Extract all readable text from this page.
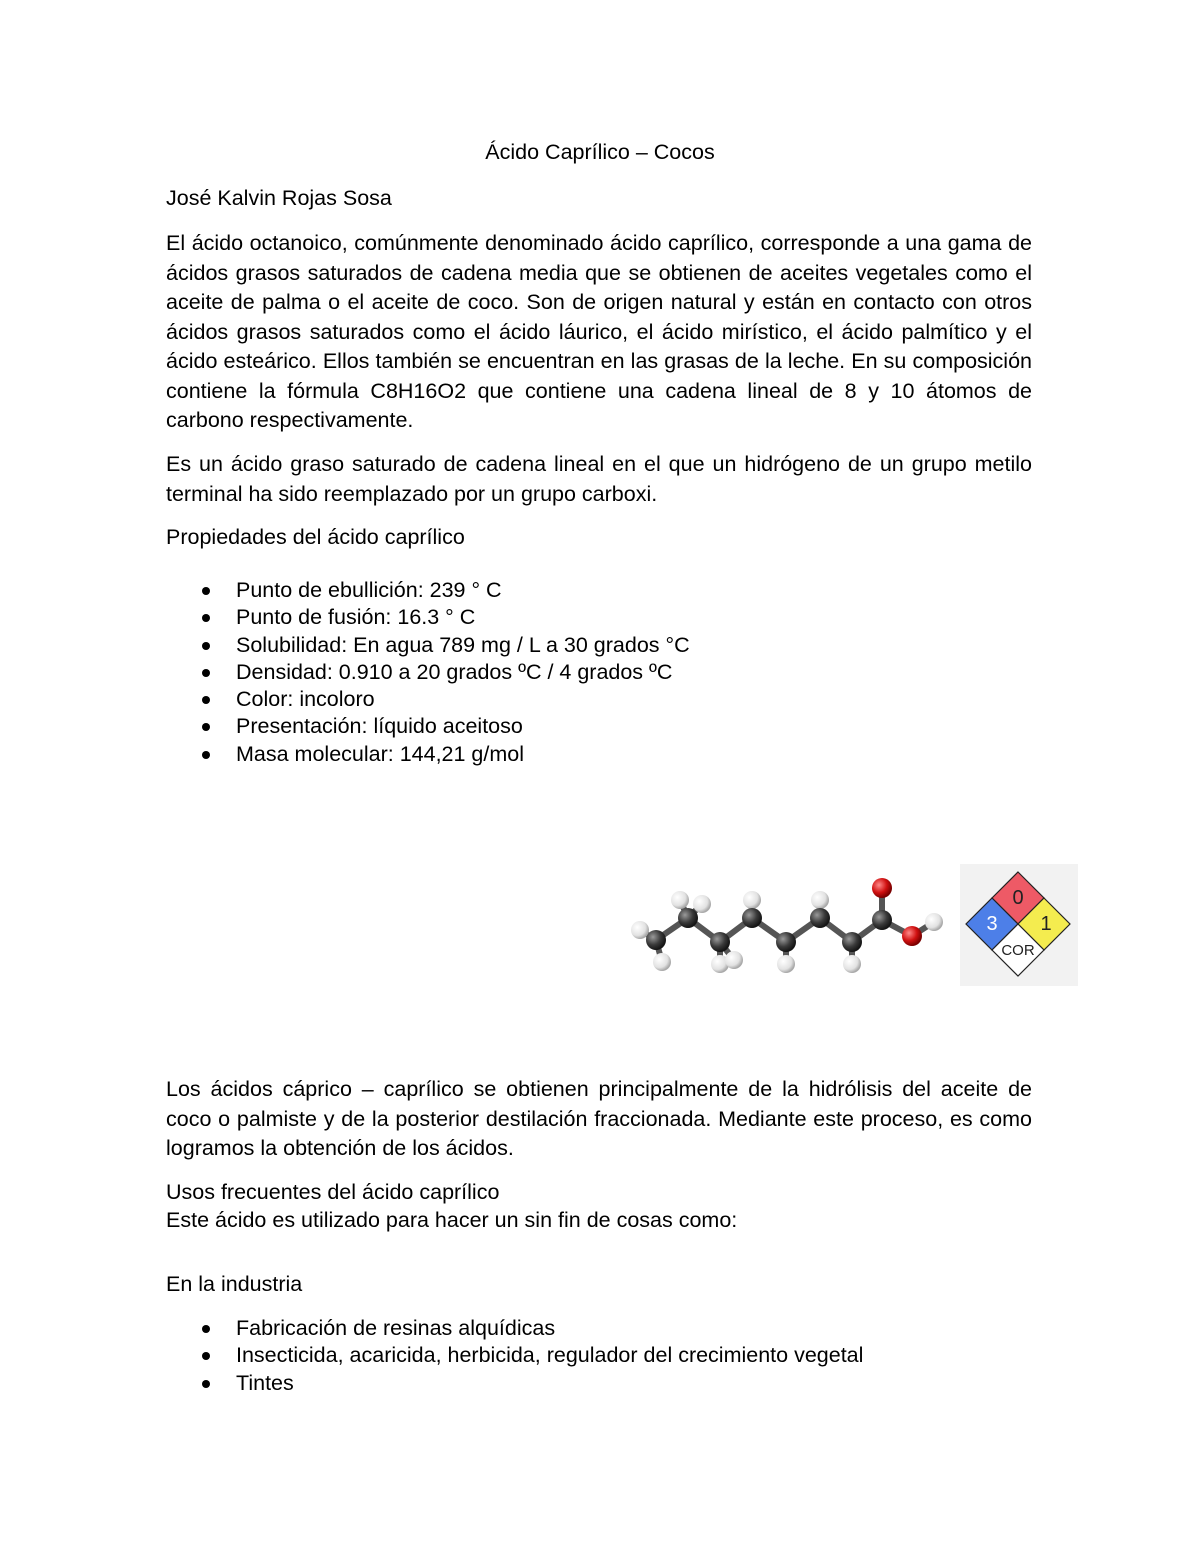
Ácido Caprílico – Cocos

José Kalvin Rojas Sosa

El ácido octanoico, comúnmente denominado ácido caprílico, corresponde a una gama de ácidos grasos saturados de cadena media que se obtienen de aceites vegetales como el aceite de palma o el aceite de coco. Son de origen natural y están en contacto con otros ácidos grasos saturados como el ácido láurico, el ácido mirístico, el ácido palmítico y el ácido esteárico. Ellos también se encuentran en las grasas de la leche. En su composición contiene la fórmula C8H16O2 que contiene una cadena lineal de 8 y 10 átomos de carbono respectivamente.

Es un ácido graso saturado de cadena lineal en el que un hidrógeno de un grupo metilo terminal ha sido reemplazado por un grupo carboxi.

Propiedades del ácido caprílico

Punto de ebullición: 239 ° C
Punto de fusión: 16.3 ° C
Solubilidad: En agua 789 mg / L a 30 grados °C
Densidad: 0.910 a 20 grados ºC / 4 grados ºC
Color: incoloro
Presentación: líquido aceitoso
Masa molecular: 144,21 g/mol
0
3 1
COR

Los ácidos cáprico – caprílico se obtienen principalmente de la hidrólisis del aceite de coco o palmiste y de la posterior destilación fraccionada. Mediante este proceso, es como logramos la obtención de los ácidos.

Usos frecuentes del ácido caprílico

Este ácido es utilizado para hacer un sin fin de cosas como:

En la industria

Fabricación de resinas alquídicas
Insecticida, acaricida, herbicida, regulador del crecimiento vegetal
Tintes
